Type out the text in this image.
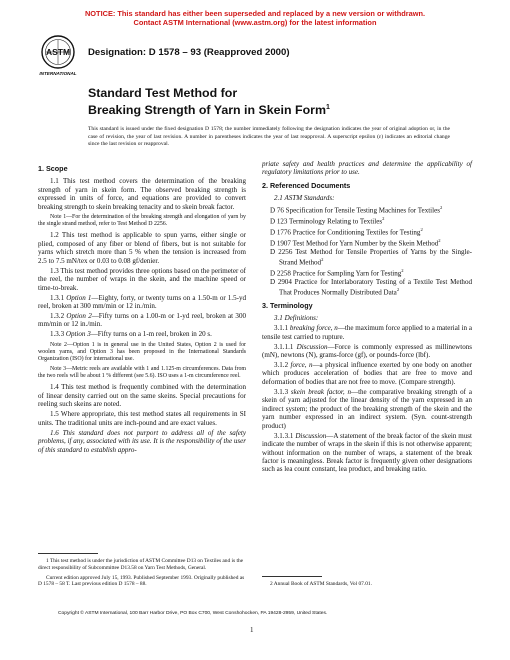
NOTICE: This standard has either been superseded and replaced by a new version or withdrawn.
Contact ASTM International (www.astm.org) for the latest information
ASTM
INTERNATIONAL
Designation: D 1578 – 93 (Reapproved 2000)
Standard Test Method for
Breaking Strength of Yarn in Skein Form$^1$
This standard is issued under the fixed designation D 1578; the number immediately following the designation indicates the year of original adoption or, in the case of revision, the year of last revision. A number in parentheses indicates the year of last reapproval. A superscript epsilon (ε) indicates an editorial change since the last revision or reapproval.
1. Scope

1.1 This test method covers the determination of the breaking strength of yarn in skein form. The observed breaking strength is expressed in units of force, and equations are provided to convert breaking strength to skein breaking tenacity and to skein break factor.

Note 1—For the determination of the breaking strength and elongation of yarn by the single strand method, refer to Test Method D 2256.

1.2 This test method is applicable to spun yarns, either single or plied, composed of any fiber or blend of fibers, but is not suitable for yarns which stretch more than 5 % when the tension is increased from 2.5 to 7.5 mN/tex or 0.03 to 0.08 gf/denier.

1.3 This test method provides three options based on the perimeter of the reel, the number of wraps in the skein, and the machine speed or time-to-break.

1.3.1 Option 1—Eighty, forty, or twenty turns on a 1.50-m or 1.5-yd reel, broken at 300 mm/min or 12 in./min.

1.3.2 Option 2—Fifty turns on a 1.00-m or 1-yd reel, broken at 300 mm/min or 12 in./min.

1.3.3 Option 3—Fifty turns on a 1-m reel, broken in 20 s.

Note 2—Option 1 is in general use in the United States, Option 2 is used for woolen yarns, and Option 3 has been proposed in the International Standards Organization (ISO) for international use.

Note 3—Metric reels are available with 1 and 1.125-m circumferences. Data from the two reels will be about 1 % different (see 5.6). ISO uses a 1-m circumference reel.

1.4 This test method is frequently combined with the determination of linear density carried out on the same skeins. Special precautions for reeling such skeins are noted.

1.5 Where appropriate, this test method states all requirements in SI units. The traditional units are inch-pound and are exact values.

1.6 This standard does not purport to address all of the safety problems, if any, associated with its use. It is the responsibility of the user of this standard to establish appro-

priate safety and health practices and determine the applicability of regulatory limitations prior to use.

2. Referenced Documents

2.1 ASTM Standards:

D 76 Specification for Tensile Testing Machines for Textiles$^2$

D 123 Terminology Relating to Textiles$^2$

D 1776 Practice for Conditioning Textiles for Testing$^2$

D 1907 Test Method for Yarn Number by the Skein Method$^2$

D 2256 Test Method for Tensile Properties of Yarns by the Single-Strand Method$^2$

D 2258 Practice for Sampling Yarn for Testing$^2$

D 2904 Practice for Interlaboratory Testing of a Textile Test Method That Produces Normally Distributed Data$^2$

3. Terminology

3.1 Definitions:

3.1.1 breaking force, n—the maximum force applied to a material in a tensile test carried to rupture.

3.1.1.1 Discussion—Force is commonly expressed as millinewtons (mN), newtons (N), grams-force (gf), or pounds-force (lbf).

3.1.2 force, n—a physical influence exerted by one body on another which produces acceleration of bodies that are free to move and deformation of bodies that are not free to move. (Compare strength).

3.1.3 skein break factor, n—the comparative breaking strength of a skein of yarn adjusted for the linear density of the yarn expressed in an indirect system; the product of the breaking strength of the skein and the yarn number expressed in an indirect system. (Syn. count-strength product)

3.1.3.1 Discussion—A statement of the break factor of the skein must indicate the number of wraps in the skein if this is not otherwise apparent; without information on the number of wraps, a statement of the break factor is meaningless. Break factor is frequently given other designations such as lea count constant, lea product, and breaking ratio.

1 This test method is under the jurisdiction of ASTM Committee D13 on Textiles and is the direct responsibility of Subcommittee D13.58 on Yarn Test Methods, General.

Current edition approved July 15, 1993. Published September 1993. Originally published as D 1578 – 58 T. Last previous edition D 1578 – 88.	2 Annual Book of ASTM Standards, Vol 07.01.

Copyright © ASTM International, 100 Barr Harbor Drive, PO Box C700, West Conshohocken, PA 19428-2959, United States.
1
